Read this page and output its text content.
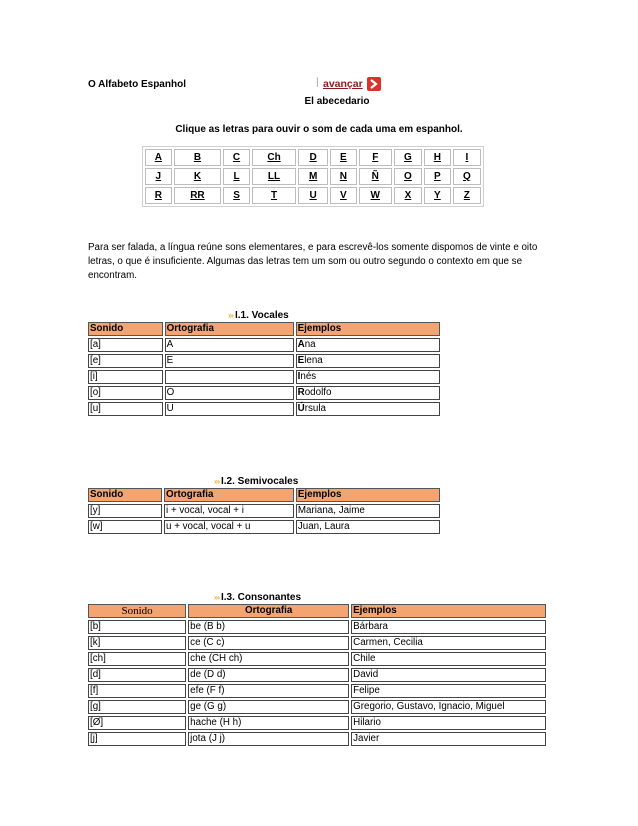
O Alfabeto Espanhol	| avançar
El abecedario
Clique as letras para ouvir o som de cada uma em espanhol.
A	B	C	Ch	D	E	F	G	H	I
J	K	L	LL	M	N	Ñ	O	P	Q
R	RR	S	T	U	V	W	X	Y	Z
Para ser falada, a língua reúne sons elementares, e para escrevê-los somente dispomos de vinte e oito letras, o que é insuficiente. Algumas das letras tem um som ou outro segundo o contexto em que se encontram.
››› I.1. Vocales
Sonido	Ortografia	Ejemplos
[a]	A	Ana
[e]	E	Elena
[i]		Inés
[o]	O	Rodolfo
[u]	U	Úrsula
››› I.2. Semivocales
Sonido	Ortografia	Ejemplos
[y]	i + vocal, vocal + i	Mariana, Jaime
[w]	u + vocal, vocal + u	Juan, Laura
››› I.3. Consonantes
Sonido	Ortografia	Ejemplos
[b]	be (B b)	Bárbara
[k]	ce (C c)	Carmen, Cecilia
[ch]	che (CH ch)	Chile
[d]	de (D d)	David
[f]	efe (F f)	Felipe
[g]	ge (G g)	Gregorio, Gustavo, Ignacio, Miguel
[Ø]	hache (H h)	Hilario
[j]	jota (J j)	Javier
